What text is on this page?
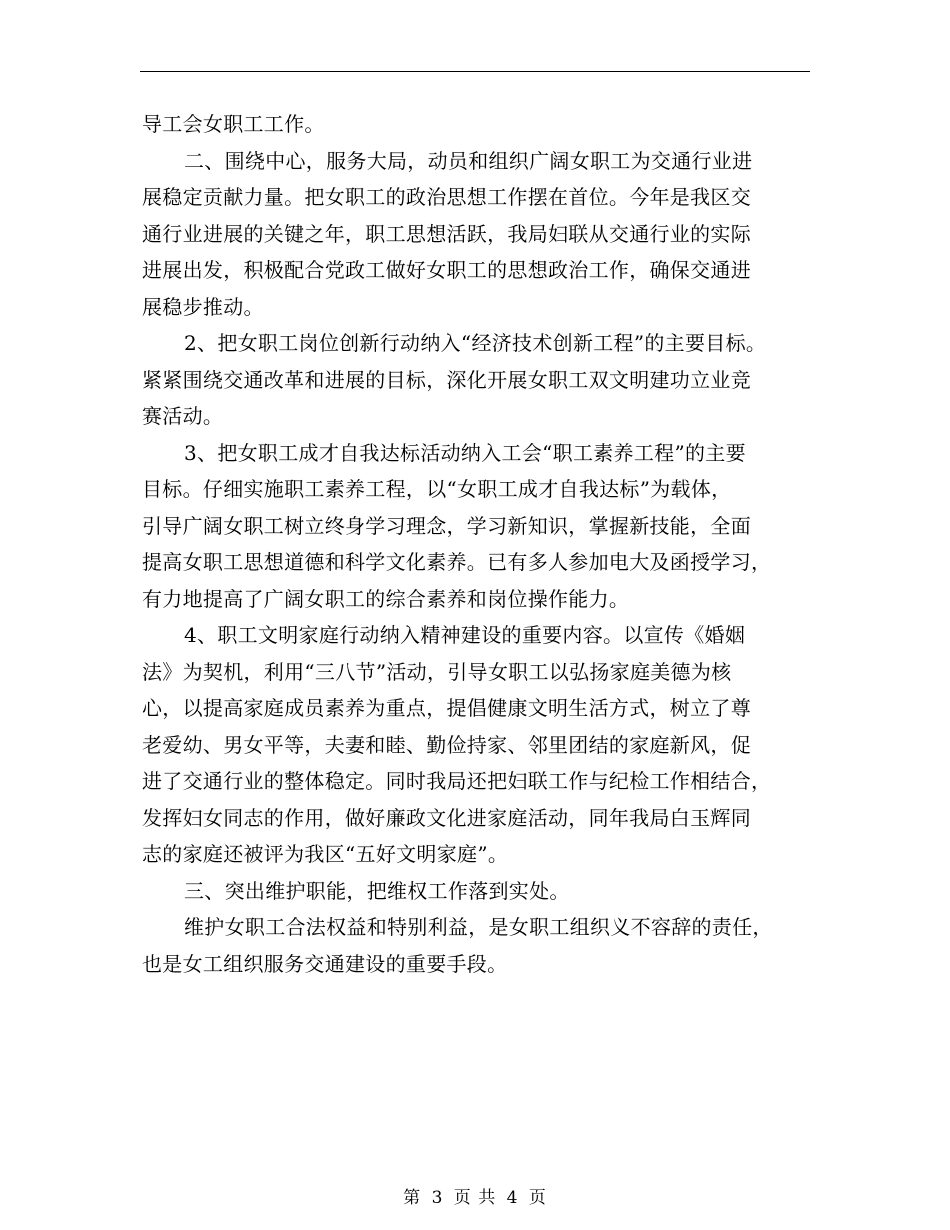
导工会女职工工作。
二、围绕中心，服务大局，动员和组织广阔女职工为交通行业进
展稳定贡献力量。把女职工的政治思想工作摆在首位。今年是我区交
通行业进展的关键之年，职工思想活跃，我局妇联从交通行业的实际
进展出发，积极配合党政工做好女职工的思想政治工作，确保交通进
展稳步推动。
2、把女职工岗位创新行动纳入“经济技术创新工程”的主要目标。
紧紧围绕交通改革和进展的目标，深化开展女职工双文明建功立业竞
赛活动。
3、把女职工成才自我达标活动纳入工会“职工素养工程”的主要
目标。仔细实施职工素养工程，以“女职工成才自我达标”为载体，
引导广阔女职工树立终身学习理念，学习新知识，掌握新技能，全面
提高女职工思想道德和科学文化素养。已有多人参加电大及函授学习，
有力地提高了广阔女职工的综合素养和岗位操作能力。
4、职工文明家庭行动纳入精神建设的重要内容。以宣传《婚姻
法》为契机，利用“三八节”活动，引导女职工以弘扬家庭美德为核
心，以提高家庭成员素养为重点，提倡健康文明生活方式，树立了尊
老爱幼、男女平等，夫妻和睦、勤俭持家、邻里团结的家庭新风，促
进了交通行业的整体稳定。同时我局还把妇联工作与纪检工作相结合，
发挥妇女同志的作用，做好廉政文化进家庭活动，同年我局白玉辉同
志的家庭还被评为我区“五好文明家庭”。
三、突出维护职能，把维权工作落到实处。
维护女职工合法权益和特别利益，是女职工组织义不容辞的责任，
也是女工组织服务交通建设的重要手段。
第 3 页 共 4 页
